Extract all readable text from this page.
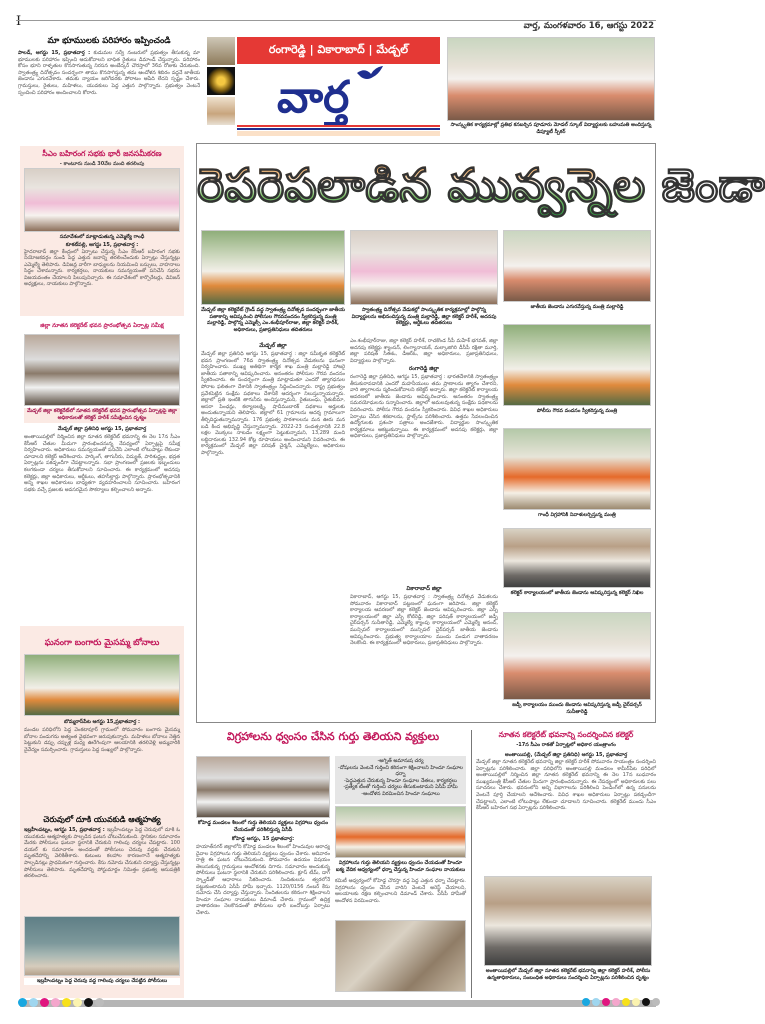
I	వార్త, మంగళవారం 16, ఆగస్టు 2022
మా భూములకు పరిహారం ఇప్పించండి
పాలడ్, ఆగస్టు 15, ప్రభాతవార్త : కుడుమల సర్వే నంబరులో ప్రభుత్వం తీసుకున్న మా భూములకు పరిహారం ఇప్పించి ఆదుకోవాలని బాధిత రైతులు డిమాండ్ చేస్తున్నారు. పరిహారం కోసం భూని రాళ్ళతుల కొనసాగుతున్న నిరసన అంబేద్కర్ చౌరస్తాలో 36వ రోజుకు చేరుకుంది. స్వాతంత్ర్య దినోత్సవం సందర్భంగా తాము కొనసాగిస్తున్న తమ ఆందోళన శిబిరం వద్దనే జాతీయ జెండాను ఎగురవేశారు. తమకు న్యాయం జరిగేవరకు పోరాటం ఆపేది లేదని స్పష్టం చేశారు. గ్రామస్తులు, రైతులు, మహిళలు, యువకులు పెద్ద ఎత్తున పాల్గొన్నారు. ప్రభుత్వం వెంటనే స్పందించి పరిహారం అందించాలని కోరారు.
రంగారెడ్డి | వికారాబాద్ | మేడ్చల్
వార్త
సాంస్కృతిక కార్యక్రమాల్లో ప్రతిభ కనబర్చిన పూడూరు మోడల్ స్కూల్ విద్యార్థులకు బహుమతి అందిస్తున్న డిప్యూటీ స్పీకర్
సీఎం బహిరంగ సభకు భారీ జనసమీకరణ
- కాంటూరు నుండి 30వేల మంది తరలింపు
సమావేశంలో మాట్లాడుతున్న ఎమ్మెల్యే గాంధీ
కూకట్‌పల్లి, ఆగస్టు 15, ప్రభాతవార్త :
హైదరాబాద్ జిల్లా కేంద్రంలో ఏర్పాటు చేస్తున్న సీఎం కేసీఆర్ బహిరంగ సభకు నియోజకవర్గం నుండి పెద్ద ఎత్తున జనాన్ని తరలించేందుకు ఏర్పాట్లు చేస్తున్నట్లు ఎమ్మెల్యే తెలిపారు. డివిజన్ల వారీగా బాధ్యులను నియమించి బస్సులు, వాహనాలు సిద్ధం చేశామన్నారు. కార్యకర్తలు, నాయకులు సమన్వయంతో పనిచేసి సభను విజయవంతం చేయాలని పిలుపునిచ్చారు. ఈ సమావేశంలో కార్పొరేటర్లు, డివిజన్ అధ్యక్షులు, నాయకులు పాల్గొన్నారు.
జిల్లా నూతన కలెక్టరేట్ భవన ప్రారంభోత్సవ ఏర్పాట్ల సమీక్ష
మేడ్చల్ జిల్లా కలెక్టరేట్‌లో నూతన కలెక్టరేట్ భవన ప్రారంభోత్సవ ఏర్పాట్లపై జిల్లా అధికారులతో కలెక్టర్ హరీశ్ సమీక్షించిన దృశ్యం
మేడ్చల్ జిల్లా ప్రతినిధి ఆగస్టు 15, ప్రభాతవార్త
అంతాయిపల్లిలో నిర్మించిన జిల్లా నూతన కలెక్టరేట్ భవనాన్ని ఈ నెల 17న సీఎం కేసీఆర్ చేతుల మీదుగా ప్రారంభించనున్న నేపథ్యంలో ఏర్పాట్లపై సమీక్ష నిర్వహించారు. అధికారులు సమన్వయంతో పనిచేసి ఎలాంటి లోటుపాట్లు లేకుండా చూడాలని కలెక్టర్ ఆదేశించారు. పార్కింగ్, తాగునీరు, విద్యుత్, పారిశుద్ధ్యం, భద్రత ఏర్పాట్లను పకడ్బందీగా చేపట్టాలన్నారు. సభా ప్రాంగణంలో ప్రజలకు ఇబ్బందులు కలగకుండా చర్యలు తీసుకోవాలని సూచించారు. ఈ కార్యక్రమంలో అదనపు కలెక్టర్లు, జిల్లా అధికారులు, ఆర్డీఓలు, తహసీల్దార్లు పాల్గొన్నారు. ప్రారంభోత్సవానికి అన్ని శాఖల అధికారులు బాధ్యతగా వ్యవహరించాలని సూచించారు. బహిరంగ సభకు వచ్చే ప్రజలకు అవసరమైన సౌకర్యాలు కల్పించాలని అన్నారు.
ఘనంగా బంగారు మైసమ్మ బోనాలు
బొమ్మరాస్‌పేట ఆగస్టు 15,ప్రభాతవార్త :
మండల పరిధిలోని పెద్ద వెంకటాపూర్ గ్రామంలో సోమవారం బంగారు మైసమ్మ బోనాల పండుగను అత్యంత వైభవంగా జరుపుకున్నారు. మహిళలు బోనాలు నెత్తిన పెట్టుకుని డప్పు చప్పుళ్ల మధ్య ఊరేగింపుగా ఆలయానికి తరలివెళ్లి అమ్మవారికి నైవేద్యం సమర్పించారు. గ్రామస్తులు పెద్ద సంఖ్యలో పాల్గొన్నారు.
చెరువులో దూకి యువకుడి ఆత్మహత్య
ఇబ్రహీంపట్నం, ఆగస్టు 15, ప్రభాతవార్త : ఇబ్రహీంపట్నం పెద్ద చెరువులో దూకి ఓ యువకుడు ఆత్మహత్యకు పాల్పడిన ఘటన చోటుచేసుకుంది. స్థానికుల సమాచారం మేరకు పోలీసులు ఘటనా స్థలానికి చేరుకుని గాలింపు చర్యలు చేపట్టారు. 100 డయల్ కు సమాచారం అందడంతో పోలీసులు చెరువు వద్దకు చేరుకుని మృతదేహాన్ని వెలికితీశారు. కుటుంబ కలహాల కారణంగానే ఆత్మహత్యకు పాల్పడినట్లు ప్రాథమికంగా గుర్తించారు. కేసు నమోదు చేసుకుని దర్యాప్తు చేస్తున్నట్లు పోలీసులు తెలిపారు. మృతదేహాన్ని పోస్టుమార్టం నిమిత్తం ప్రభుత్వ ఆసుపత్రికి తరలించారు.
ఇబ్రహీంపట్నం పెద్ద చెరువు వద్ద గాలింపు చర్యలు చేపట్టిన పోలీసులు
రెపరెపలాడిన మువ్వన్నెల జెండా
మేడ్చల్ జిల్లా కలెక్టరేట్ గ్రౌండ్ వద్ద స్వాతంత్ర్య దినోత్సవ సందర్భంగా జాతీయ పతాకాన్ని ఆవిష్కరించి పోలీసుల గౌరవవందనం స్వీకరిస్తున్న మంత్రి మల్లారెడ్డి, పాల్గొన్న ఎమ్మెల్సీ ఎం.శంభీపూర్‌రాజు, జిల్లా కలెక్టర్ హరీశ్, అధికారులు, ప్రజాప్రతినిధులు తదితరులు
మేడ్చల్ జిల్లా
మేడ్చల్ జిల్లా ప్రతినిధి ఆగస్టు 15, ప్రభాతవార్త : జిల్లా సమీకృత కలెక్టరేట్ భవన ప్రాంగణంలో 76వ స్వాతంత్ర్య దినోత్సవ వేడుకలను ఘనంగా నిర్వహించారు. ముఖ్య అతిథిగా కార్మిక శాఖ మంత్రి మల్లారెడ్డి హాజరై జాతీయ పతాకాన్ని ఆవిష్కరించారు. అనంతరం పోలీసుల గౌరవ వందనం స్వీకరించారు. ఈ సందర్భంగా మంత్రి మాట్లాడుతూ ఎందరో త్యాగధనుల పోరాట ఫలితంగా దేశానికి స్వాతంత్ర్యం సిద్ధించిందన్నారు. రాష్ట్ర ప్రభుత్వం ప్రవేశపెట్టిన సంక్షేమ పథకాలు దేశానికే ఆదర్శంగా నిలుస్తున్నాయన్నారు. జిల్లాలో ప్రతి ఇంటికి తాగునీరు అందిస్తున్నామని, రైతుబంధు, రైతుబీమా, ఆసరా పింఛన్లు, కల్యాణలక్ష్మి, షాదీముబారక్ పథకాలు అర్హులకు అందుతున్నాయని తెలిపారు. జిల్లాలో 61 గ్రామాలను ఆదర్శ గ్రామాలుగా తీర్చిదిద్దుతున్నామన్నారు. 176 ప్రభుత్వ పాఠశాలలను మన ఊరు మన బడి కింద అభివృద్ధి చేస్తున్నామన్నారు. 2022-23 సంవత్సరానికి 22.8 లక్షల మొక్కలు నాటడం లక్ష్యంగా పెట్టుకున్నామని, 13,289 మంది లబ్ధిదారులకు 132.94 కోట్ల రూపాయలు అందించామని వివరించారు. ఈ కార్యక్రమంలో మేడ్చల్ జిల్లా పరిషత్ చైర్మన్, ఎమ్మెల్యేలు, అధికారులు పాల్గొన్నారు.
స్వాతంత్ర్య దినోత్సవ వేడుకల్లో సాంస్కృతిక కార్యక్రమాల్లో పాల్గొన్న విద్యార్థులను అభినందిస్తున్న మంత్రి మల్లారెడ్డి, జిల్లా కలెక్టర్ హరీశ్, అదనపు కలెక్టర్లు, ఆర్డీఓలు తదితరులు
ఎం.శంభీపూర్‌రాజు, జిల్లా కలెక్టర్ హరీశ్, రాచకొండ సీపీ మహేశ్ భగవత్, జిల్లా అదనపు కలెక్టర్లు శ్యాంసన్, లింగ్యానాయక్, మల్కాజిగిరి డీసీపీ రక్షితా మూర్తి, జిల్లా పరిషత్ సీఈఓ, డీఆర్‌ఓ, జిల్లా అధికారులు, ప్రజాప్రతినిధులు, విద్యార్థులు పాల్గొన్నారు.
రంగారెడ్డి జిల్లా
రంగారెడ్డి జిల్లా ప్రతినిధి, ఆగస్టు 15, ప్రభాతవార్త : భారతదేశానికి స్వాతంత్ర్యం తీసుకురావడానికి ఎందరో మహనీయులు తమ ప్రాణాలను త్యాగం చేశారని, వారి త్యాగాలను స్మరించుకోవాలని కలెక్టర్ అన్నారు. జిల్లా కలెక్టరేట్ కార్యాలయ ఆవరణలో జాతీయ జెండాను ఆవిష్కరించారు. అనంతరం స్వాతంత్ర్య సమరయోధులను సన్మానించారు. జిల్లాలో అమలవుతున్న సంక్షేమ పథకాలను వివరించారు. పోలీసు గౌరవ వందనం స్వీకరించారు. వివిధ శాఖల అధికారులు ఏర్పాటు చేసిన శకటాలను, స్టాల్స్‌ను పరిశీలించారు. ఉత్తమ సేవలందించిన ఉద్యోగులకు ప్రశంసా పత్రాలు అందజేశారు. విద్యార్థుల సాంస్కృతిక కార్యక్రమాలు ఆకట్టుకున్నాయి. ఈ కార్యక్రమంలో అదనపు కలెక్టర్లు, జిల్లా అధికారులు, ప్రజాప్రతినిధులు పాల్గొన్నారు.
వికారాబాద్ జిల్లా
వికారాబాద్, ఆగస్టు 15, ప్రభాతవార్త : స్వాతంత్ర్య దినోత్సవ వేడుకలను సోమవారం వికారాబాద్ పట్టణంలో ఘనంగా జరిపారు. జిల్లా కలెక్టర్ కార్యాలయ ఆవరణలో జిల్లా కలెక్టర్ జెండాను ఆవిష్కరించారు. జిల్లా ఎస్పీ కార్యాలయంలో జిల్లా ఎస్పీ కోటిరెడ్డి, జిల్లా పరిషత్ కార్యాలయంలో జడ్పీ చైర్‌పర్సన్ సునీతారెడ్డి, ఎమ్మెల్యే క్యాంపు కార్యాలయంలో ఎమ్మెల్యే ఆనంద్, మున్సిపల్ కార్యాలయంలో మున్సిపల్ చైర్‌పర్సన్ జాతీయ జెండాను ఆవిష్కరించారు. ప్రభుత్వ కార్యాలయాల ముందు పండుగ వాతావరణం నెలకొంది. ఈ కార్యక్రమంలో అధికారులు, ప్రజాప్రతినిధులు పాల్గొన్నారు.
జాతీయ జెండాను ఎగురవేస్తున్న మంత్రి మల్లారెడ్డి
పోలీసు గౌరవ వందనం స్వీకరిస్తున్న మంత్రి
గాంధీ విగ్రహానికి నివాళులర్పిస్తున్న మంత్రి
కలెక్టర్ కార్యాలయంలో జాతీయ జెండాను ఆవిష్కరిస్తున్న కలెక్టర్ నిఖిల
జడ్పీ కార్యాలయం ముందు జెండాను ఆవిష్కరిస్తున్న జడ్పీ చైర్‌పర్సన్ సునీతారెడ్డి
విగ్రహాలను ధ్వంసం చేసిన గుర్తు తెలియని వ్యక్తులు
కోహెడ్డ మండలం శీలంలో గుర్తు తెలియని వ్యక్తులు విగ్రహాలు ధ్వంసం చేయడంతో పరిశీలిస్తున్న ఏసీపీ
కోహెడ్డ ఆగస్టు, 15 ప్రభాతవార్త:
హయాత్‌నగర్ జిల్లాలోని కోహెడ్డ మండలం శీలంలో హిందువుల ఆరాధ్య దైవాల విగ్రహాలను గుర్తు తెలియని వ్యక్తులు ధ్వంసం చేశారు. ఆదివారం రాత్రి ఈ ఘటన చోటుచేసుకుంది. సోమవారం ఉదయం విషయం తెలుసుకున్న గ్రామస్తులు ఆందోళనకు దిగారు. సమాచారం అందుకున్న పోలీసులు ఘటనా స్థలానికి చేరుకుని పరిశీలించారు. క్లూస్ టీమ్, డాగ్ స్క్వాడ్‌తో ఆధారాలు సేకరించారు. నిందితులను త్వరలోనే పట్టుకుంటామని ఏసీపీ హామీ ఇచ్చారు. 1120/0156 నంబర్ కేసు నమోదు చేసి దర్యాప్తు చేస్తున్నారు. నిందితులను కఠినంగా శిక్షించాలని హిందూ సంఘాల నాయకులు డిమాండ్ చేశారు. గ్రామంలో ఉద్రిక్త వాతావరణం నెలకొనడంతో పోలీసులు భారీ బందోబస్తు ఏర్పాటు చేశారు.
-అగ్నిత్ అమానుష చర్య
-దోషులను వెంటనే గుర్తించి కఠినంగా శిక్షించాలని హిందూ సంఘాల ధర్నా
-పెద్దఎత్తున చేరుకున్న హిందూ సంఘాల నేతలు, కార్యకర్తలు
-ప్రత్యేక టీంతో గుర్తించి చర్యలు తీసుకుంటామని ఏసీపీ హామీ
-ఆందోళన విరమించిన హిందూ సంఘాలు
విగ్రహాలను గుర్తు తెలియని వ్యక్తులు ధ్వంసం చేయడంతో హిందూ ఐక్య వేదిక ఆధ్వర్యంలో ధర్నా చేస్తున్న హిందూ సంఘాల నాయకులు
కమిటీ ఆధ్వర్యంలో కోహెడ్డ చౌరస్తా వద్ద పెద్ద ఎత్తున ధర్నా చేపట్టారు. విగ్రహాలను ధ్వంసం చేసిన వారిని వెంటనే అరెస్ట్ చేయాలని, ఆలయాలకు రక్షణ కల్పించాలని డిమాండ్ చేశారు. ఏసీపీ హామీతో ఆందోళన విరమించారు.
నూతన కలెక్టరేట్ భవనాన్ని సందర్శించిన కలెక్టర్
-17న సీఎం రాకతో ఏర్పాట్లలో అధికార యంత్రాంగం
అంతాయిపల్లి, (మేడ్చల్ జిల్లా ప్రతినిధి) ఆగస్టు 15, ప్రభాతవార్త
మేడ్చల్ జిల్లా నూతన కలెక్టరేట్ భవనాన్ని జిల్లా కలెక్టర్ హరీశ్ సోమవారం సాయంత్రం సందర్శించి ఏర్పాట్లను పరిశీలించారు. జిల్లా పరిధిలోని అంతాయిపల్లి మండలం శామీర్‌పేట పరిధిలో అంతాయిపల్లిలో నిర్మించిన జిల్లా నూతన కలెక్టరేట్ భవనాన్ని ఈ నెల 17న బుధవారం ముఖ్యమంత్రి కేసీఆర్ చేతుల మీదుగా ప్రారంభించనున్నారు. ఈ నేపథ్యంలో అధికారులకు పలు సూచనలు చేశారు. భవనంలోని అన్ని విభాగాలను పరిశీలించి పెండింగ్‌లో ఉన్న పనులను వెంటనే పూర్తి చేయాలని ఆదేశించారు. వివిధ శాఖల అధికారులు ఏర్పాట్లు పకడ్బందీగా చేపట్టాలని, ఎలాంటి లోటుపాట్లు లేకుండా చూడాలని సూచించారు. కలెక్టరేట్ ముందు సీఎం కేసీఆర్ బహిరంగ సభ ఏర్పాట్లను పరిశీలించారు.
అంతాయిపల్లిలో మేడ్చల్ జిల్లా నూతన కలెక్టరేట్ భవనాన్ని జిల్లా కలెక్టర్ హరీశ్, పోలీసు ఉన్నతాధికారులు, సంబంధిత అధికారులు సందర్శించి ఏర్పాట్లను పరిశీలించిన దృశ్యం
